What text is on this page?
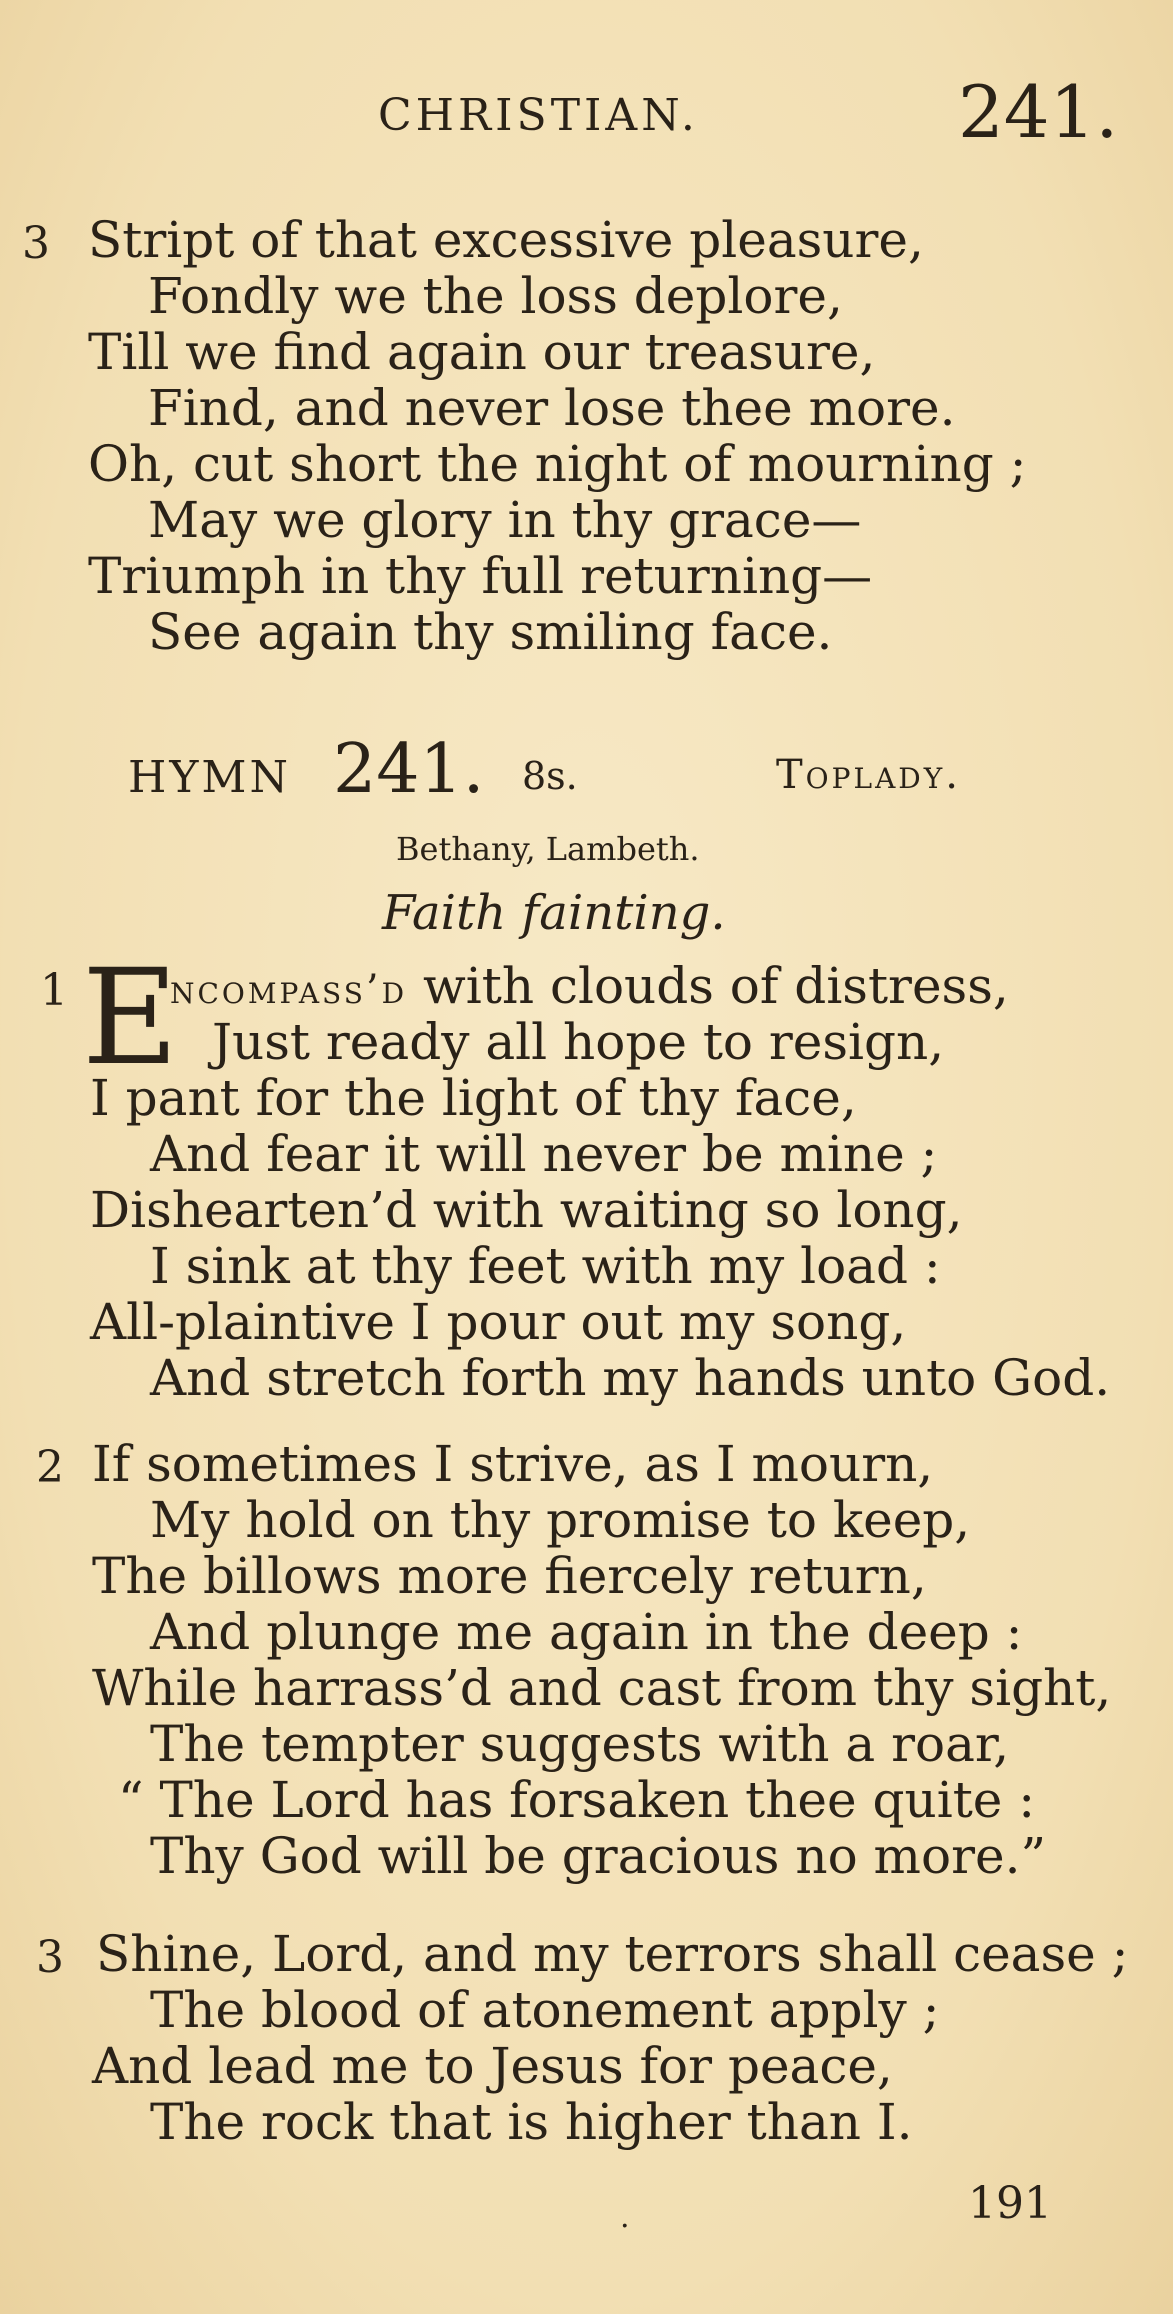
CHRISTIAN.	241.
3 Stript of that excessive pleasure,
Fondly we the loss deplore,
Till we find again our treasure,
Find, and never lose thee more.
Oh, cut short the night of mourning ;
May we glory in thy grace—
Triumph in thy full returning—
See again thy smiling face.
HYMN 241. 8s.	Toplady.
Bethany, Lambeth.
Faith fainting.
1 E
ncompass’d with clouds of distress,
Just ready all hope to resign,
I pant for the light of thy face,
And fear it will never be mine ;
Dishearten’d with waiting so long,
I sink at thy feet with my load :
All-plaintive I pour out my song,
And stretch forth my hands unto God.
2 If sometimes I strive, as I mourn,
My hold on thy promise to keep,
The billows more fiercely return,
And plunge me again in the deep :
While harrass’d and cast from thy sight,
The tempter suggests with a roar,
“ The Lord has forsaken thee quite :
Thy God will be gracious no more.”
3 Shine, Lord, and my terrors shall cease ;
The blood of atonement apply ;
And lead me to Jesus for peace,
The rock that is higher than I.
.	191
